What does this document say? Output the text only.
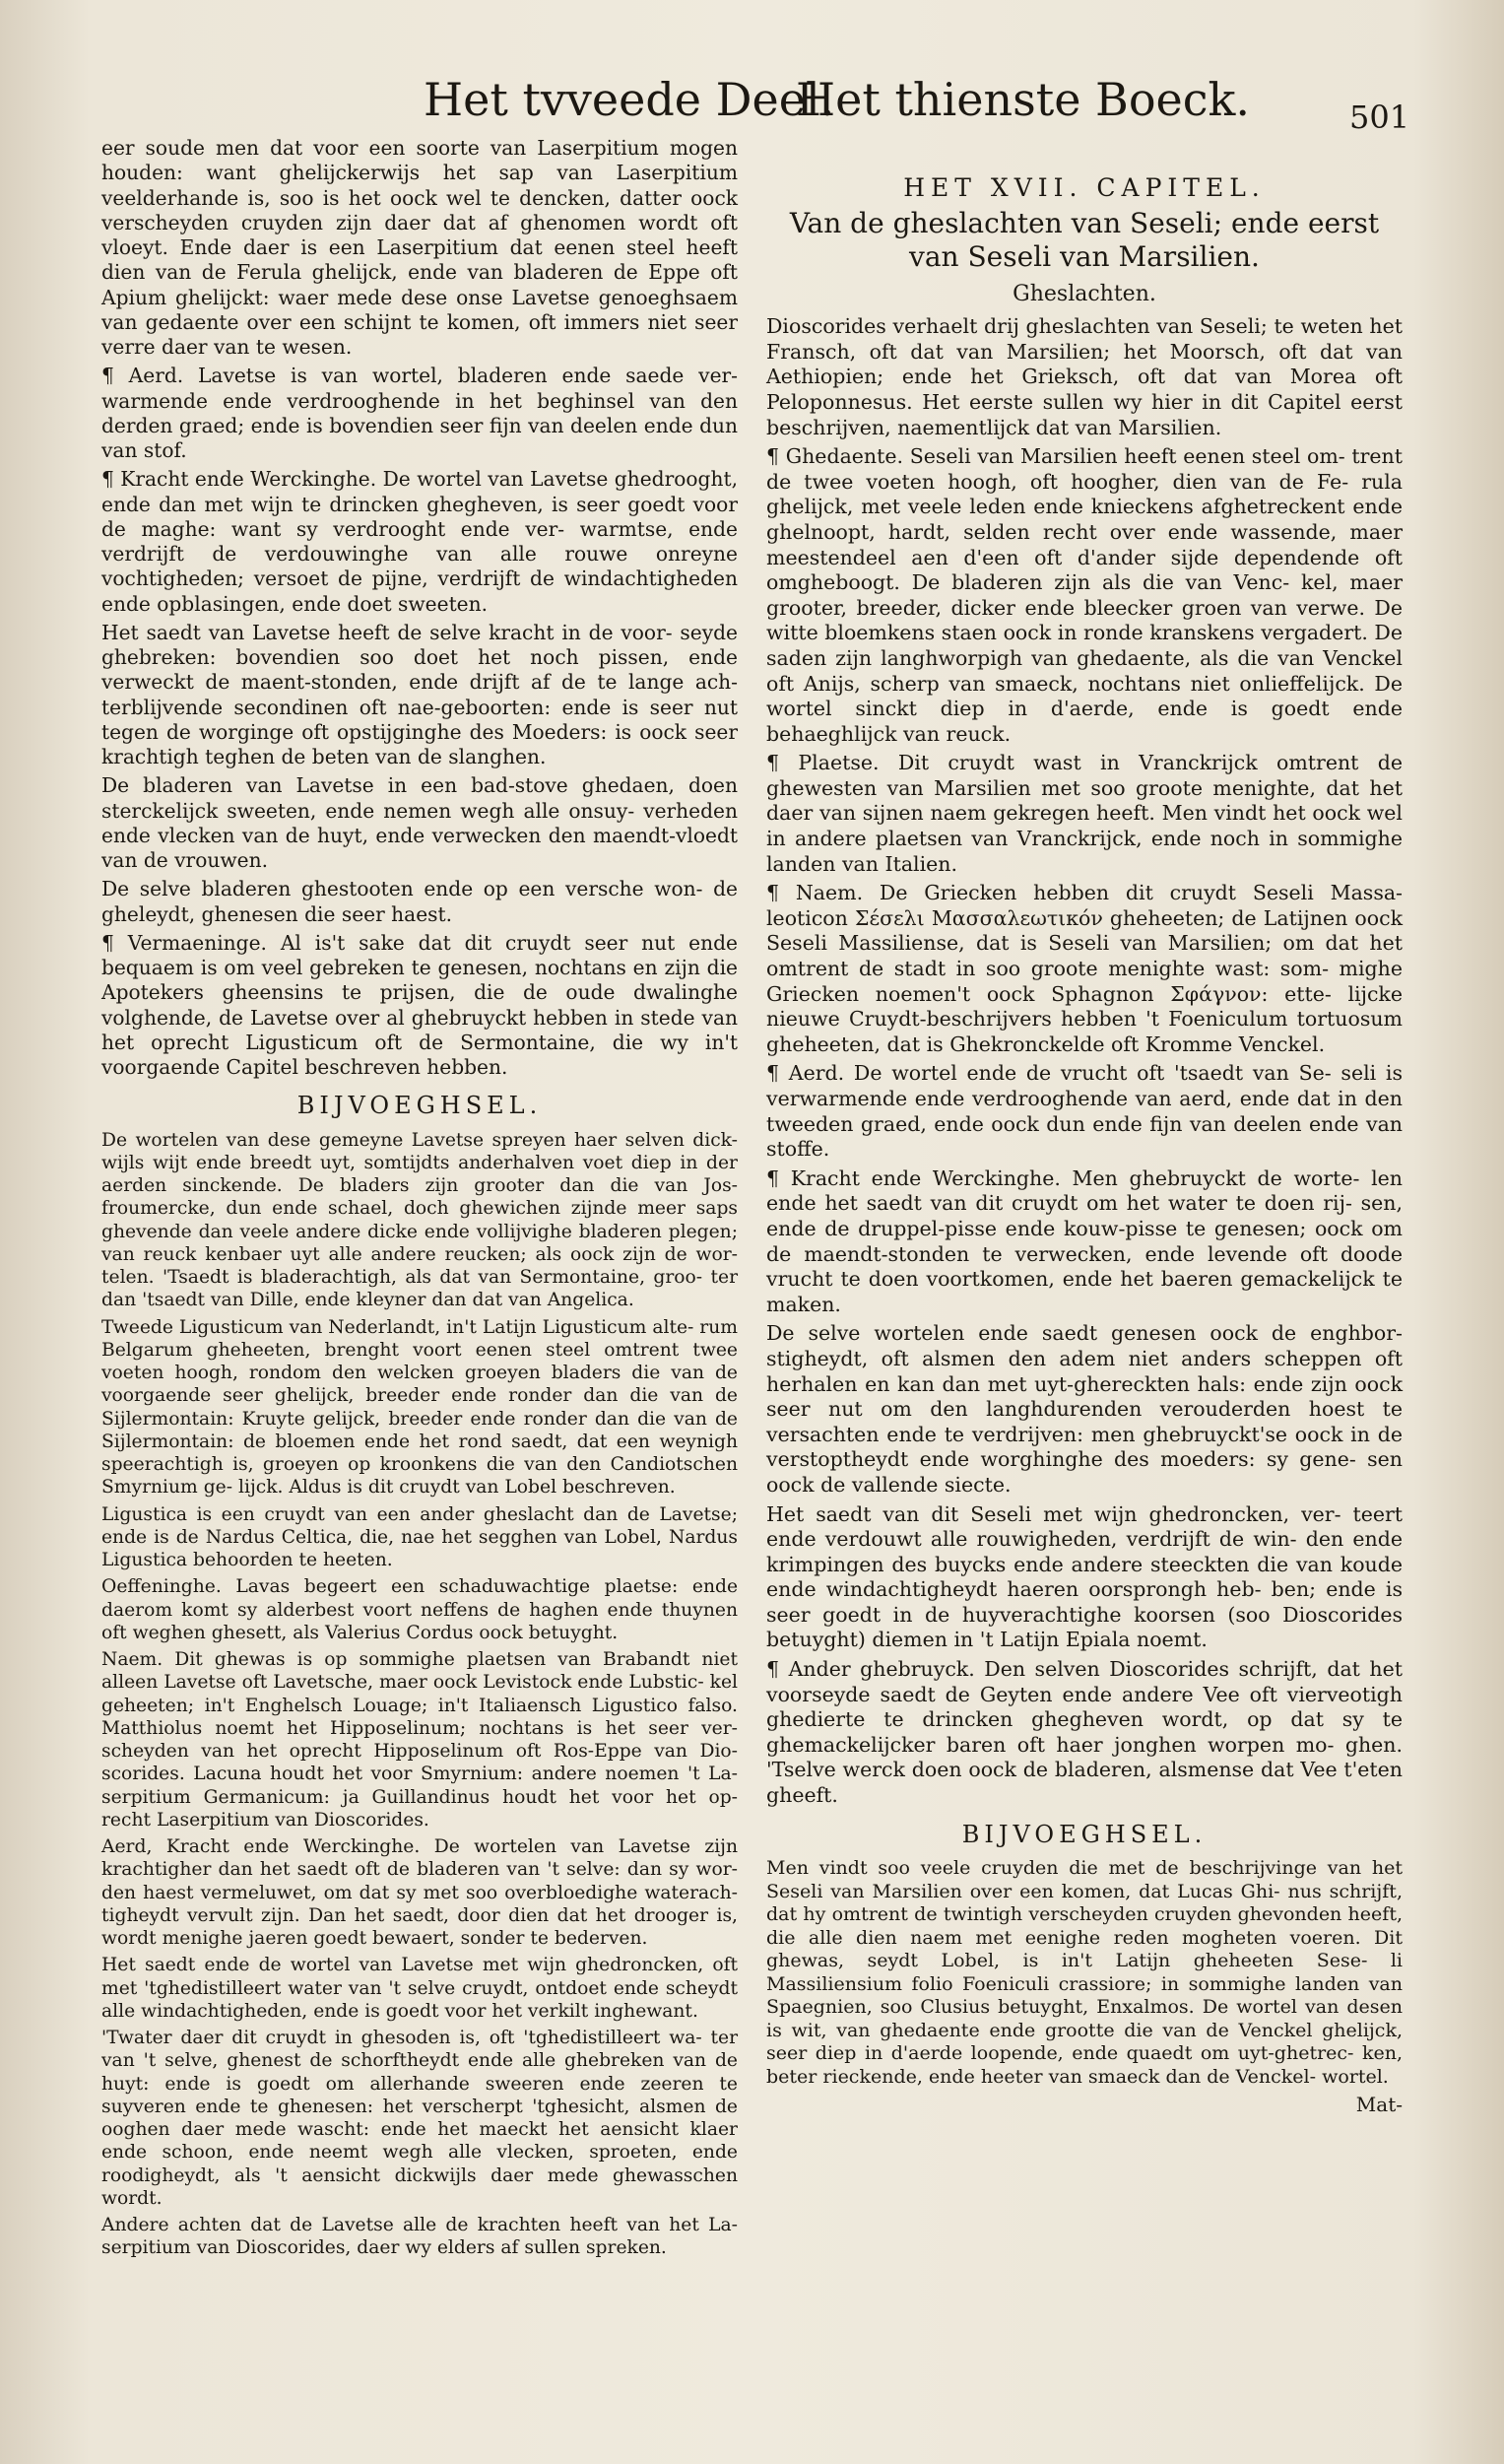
Het tvveede Deel.
Het thienste Boeck.	501

eer soude men dat voor een soorte van Laserpitium mogen houden: want ghelijckerwijs het sap van Laserpitium veelderhande is, soo is het oock wel te dencken, datter oock verscheyden cruyden zijn daer dat af ghenomen wordt oft vloeyt. Ende daer is een Laserpitium dat eenen steel heeft dien van de Ferula ghelijck, ende van bladeren de Eppe oft Apium ghelijckt: waer mede dese onse Lavetse genoeghsaem van gedaente over een schijnt te komen, oft immers niet seer verre daer van te wesen.

¶ Aerd. Lavetse is van wortel, bladeren ende saede ver- warmende ende verdrooghende in het beghinsel van den derden graed; ende is bovendien seer fijn van deelen ende dun van stof.

¶ Kracht ende Werckinghe. De wortel van Lavetse ghedrooght, ende dan met wijn te drincken ghegheven, is seer goedt voor de maghe: want sy verdrooght ende ver- warmtse, ende verdrijft de verdouwinghe van alle rouwe onreyne vochtigheden; versoet de pijne, verdrijft de windachtigheden ende opblasingen, ende doet sweeten.

Het saedt van Lavetse heeft de selve kracht in de voor- seyde ghebreken: bovendien soo doet het noch pissen, ende verweckt de maent-stonden, ende drijft af de te lange ach- terblijvende secondinen oft nae-geboorten: ende is seer nut tegen de worginge oft opstijginghe des Moeders: is oock seer krachtigh teghen de beten van de slanghen.

De bladeren van Lavetse in een bad-stove ghedaen, doen sterckelijck sweeten, ende nemen wegh alle onsuy- verheden ende vlecken van de huyt, ende verwecken den maendt-vloedt van de vrouwen.

De selve bladeren ghestooten ende op een versche won- de gheleydt, ghenesen die seer haest.

¶ Vermaeninge. Al is't sake dat dit cruydt seer nut ende bequaem is om veel gebreken te genesen, nochtans en zijn die Apotekers gheensins te prijsen, die de oude dwalinghe volghende, de Lavetse over al ghebruyckt hebben in stede van het oprecht Ligusticum oft de Sermontaine, die wy in't voorgaende Capitel beschreven hebben.

BIJVOEGHSEL.

De wortelen van dese gemeyne Lavetse spreyen haer selven dick- wijls wijt ende breedt uyt, somtijdts anderhalven voet diep in der aerden sinckende. De bladers zijn grooter dan die van Jos- froumercke, dun ende schael, doch ghewichen zijnde meer saps ghevende dan veele andere dicke ende vollijvighe bladeren plegen; van reuck kenbaer uyt alle andere reucken; als oock zijn de wor- telen. 'Tsaedt is bladerachtigh, als dat van Sermontaine, groo- ter dan 'tsaedt van Dille, ende kleyner dan dat van Angelica.

Tweede Ligusticum van Nederlandt, in't Latijn Ligusticum alte- rum Belgarum gheheeten, brenght voort eenen steel omtrent twee voeten hoogh, rondom den welcken groeyen bladers die van de voorgaende seer ghelijck, breeder ende ronder dan die van de Sijlermontain: Kruyte gelijck, breeder ende ronder dan die van de Sijlermontain: de bloemen ende het rond saedt, dat een weynigh speerachtigh is, groeyen op kroonkens die van den Candiotschen Smyrnium ge- lijck. Aldus is dit cruydt van Lobel beschreven.

Ligustica is een cruydt van een ander gheslacht dan de Lavetse; ende is de Nardus Celtica, die, nae het segghen van Lobel, Nardus Ligustica behoorden te heeten.

Oeffeninghe. Lavas begeert een schaduwachtige plaetse: ende daerom komt sy alderbest voort neffens de haghen ende thuynen oft weghen ghesett, als Valerius Cordus oock betuyght.

Naem. Dit ghewas is op sommighe plaetsen van Brabandt niet alleen Lavetse oft Lavetsche, maer oock Levistock ende Lubstic- kel geheeten; in't Enghelsch Louage; in't Italiaensch Ligustico falso. Matthiolus noemt het Hipposelinum; nochtans is het seer ver- scheyden van het oprecht Hipposelinum oft Ros-Eppe van Dio- scorides. Lacuna houdt het voor Smyrnium: andere noemen 't La- serpitium Germanicum: ja Guillandinus houdt het voor het op- recht Laserpitium van Dioscorides.

Aerd, Kracht ende Werckinghe. De wortelen van Lavetse zijn krachtigher dan het saedt oft de bladeren van 't selve: dan sy wor- den haest vermeluwet, om dat sy met soo overbloedighe waterach- tigheydt vervult zijn. Dan het saedt, door dien dat het drooger is, wordt menighe jaeren goedt bewaert, sonder te bederven.

Het saedt ende de wortel van Lavetse met wijn ghedroncken, oft met 'tghedistilleert water van 't selve cruydt, ontdoet ende scheydt alle windachtigheden, ende is goedt voor het verkilt inghewant.

'Twater daer dit cruydt in ghesoden is, oft 'tghedistilleert wa- ter van 't selve, ghenest de schorftheydt ende alle ghebreken van de huyt: ende is goedt om allerhande sweeren ende zeeren te suyveren ende te ghenesen: het verscherpt 'tghesicht, alsmen de ooghen daer mede wascht: ende het maeckt het aensicht klaer ende schoon, ende neemt wegh alle vlecken, sproeten, ende roodigheydt, als 't aensicht dickwijls daer mede ghewasschen wordt.

Andere achten dat de Lavetse alle de krachten heeft van het La- serpitium van Dioscorides, daer wy elders af sullen spreken.

HET XVII. CAPITEL.
Van de gheslachten van Seseli; ende eerst van Seseli van Marsilien.
Gheslachten.

Dioscorides verhaelt drij gheslachten van Seseli; te weten het Fransch, oft dat van Marsilien; het Moorsch, oft dat van Aethiopien; ende het Grieksch, oft dat van Morea oft Peloponnesus. Het eerste sullen wy hier in dit Capitel eerst beschrijven, naementlijck dat van Marsilien.

¶ Ghedaente. Seseli van Marsilien heeft eenen steel om- trent de twee voeten hoogh, oft hoogher, dien van de Fe- rula ghelijck, met veele leden ende knieckens afghetreckent ende ghelnoopt, hardt, selden recht over ende wassende, maer meestendeel aen d'een oft d'ander sijde dependende oft omgheboogt. De bladeren zijn als die van Venc- kel, maer grooter, breeder, dicker ende bleecker groen van verwe. De witte bloemkens staen oock in ronde kranskens vergadert. De saden zijn langhworpigh van ghedaente, als die van Venckel oft Anijs, scherp van smaeck, nochtans niet onlieffelijck. De wortel sinckt diep in d'aerde, ende is goedt ende behaeghlijck van reuck.

¶ Plaetse. Dit cruydt wast in Vranckrijck omtrent de ghewesten van Marsilien met soo groote menighte, dat het daer van sijnen naem gekregen heeft. Men vindt het oock wel in andere plaetsen van Vranckrijck, ende noch in sommighe landen van Italien.

¶ Naem. De Griecken hebben dit cruydt Seseli Massa- leoticon Σέσελι Μασσαλεωτικόν gheheeten; de Latijnen oock Seseli Massiliense, dat is Seseli van Marsilien; om dat het omtrent de stadt in soo groote menighte wast: som- mighe Griecken noemen't oock Sphagnon Σφάγνον: ette- lijcke nieuwe Cruydt-beschrijvers hebben 't Foeniculum tortuosum gheheeten, dat is Ghekronckelde oft Kromme Venckel.

¶ Aerd. De wortel ende de vrucht oft 'tsaedt van Se- seli is verwarmende ende verdrooghende van aerd, ende dat in den tweeden graed, ende oock dun ende fijn van deelen ende van stoffe.

¶ Kracht ende Werckinghe. Men ghebruyckt de worte- len ende het saedt van dit cruydt om het water te doen rij- sen, ende de druppel-pisse ende kouw-pisse te genesen; oock om de maendt-stonden te verwecken, ende levende oft doode vrucht te doen voortkomen, ende het baeren gemackelijck te maken.

De selve wortelen ende saedt genesen oock de enghbor- stigheydt, oft alsmen den adem niet anders scheppen oft herhalen en kan dan met uyt-ghereckten hals: ende zijn oock seer nut om den langhdurenden verouderden hoest te versachten ende te verdrijven: men ghebruyckt'se oock in de verstoptheydt ende worghinghe des moeders: sy gene- sen oock de vallende siecte.

Het saedt van dit Seseli met wijn ghedroncken, ver- teert ende verdouwt alle rouwigheden, verdrijft de win- den ende krimpingen des buycks ende andere steeckten die van koude ende windachtigheydt haeren oorsprongh heb- ben; ende is seer goedt in de huyverachtighe koorsen (soo Dioscorides betuyght) diemen in 't Latijn Epiala noemt.

¶ Ander ghebruyck. Den selven Dioscorides schrijft, dat het voorseyde saedt de Geyten ende andere Vee oft vierveotigh ghedierte te drincken ghegheven wordt, op dat sy te ghemackelijcker baren oft haer jonghen worpen mo- ghen. 'Tselve werck doen oock de bladeren, alsmense dat Vee t'eten gheeft.

BIJVOEGHSEL.

Men vindt soo veele cruyden die met de beschrijvinge van het Seseli van Marsilien over een komen, dat Lucas Ghi- nus schrijft, dat hy omtrent de twintigh verscheyden cruyden ghevonden heeft, die alle dien naem met eenighe reden mogheten voeren. Dit ghewas, seydt Lobel, is in't Latijn gheheeten Sese- li Massiliensium folio Foeniculi crassiore; in sommighe landen van Spaegnien, soo Clusius betuyght, Enxalmos. De wortel van desen is wit, van ghedaente ende grootte die van de Venckel ghelijck, seer diep in d'aerde loopende, ende quaedt om uyt-ghetrec- ken, beter rieckende, ende heeter van smaeck dan de Venckel- wortel.

Mat-
